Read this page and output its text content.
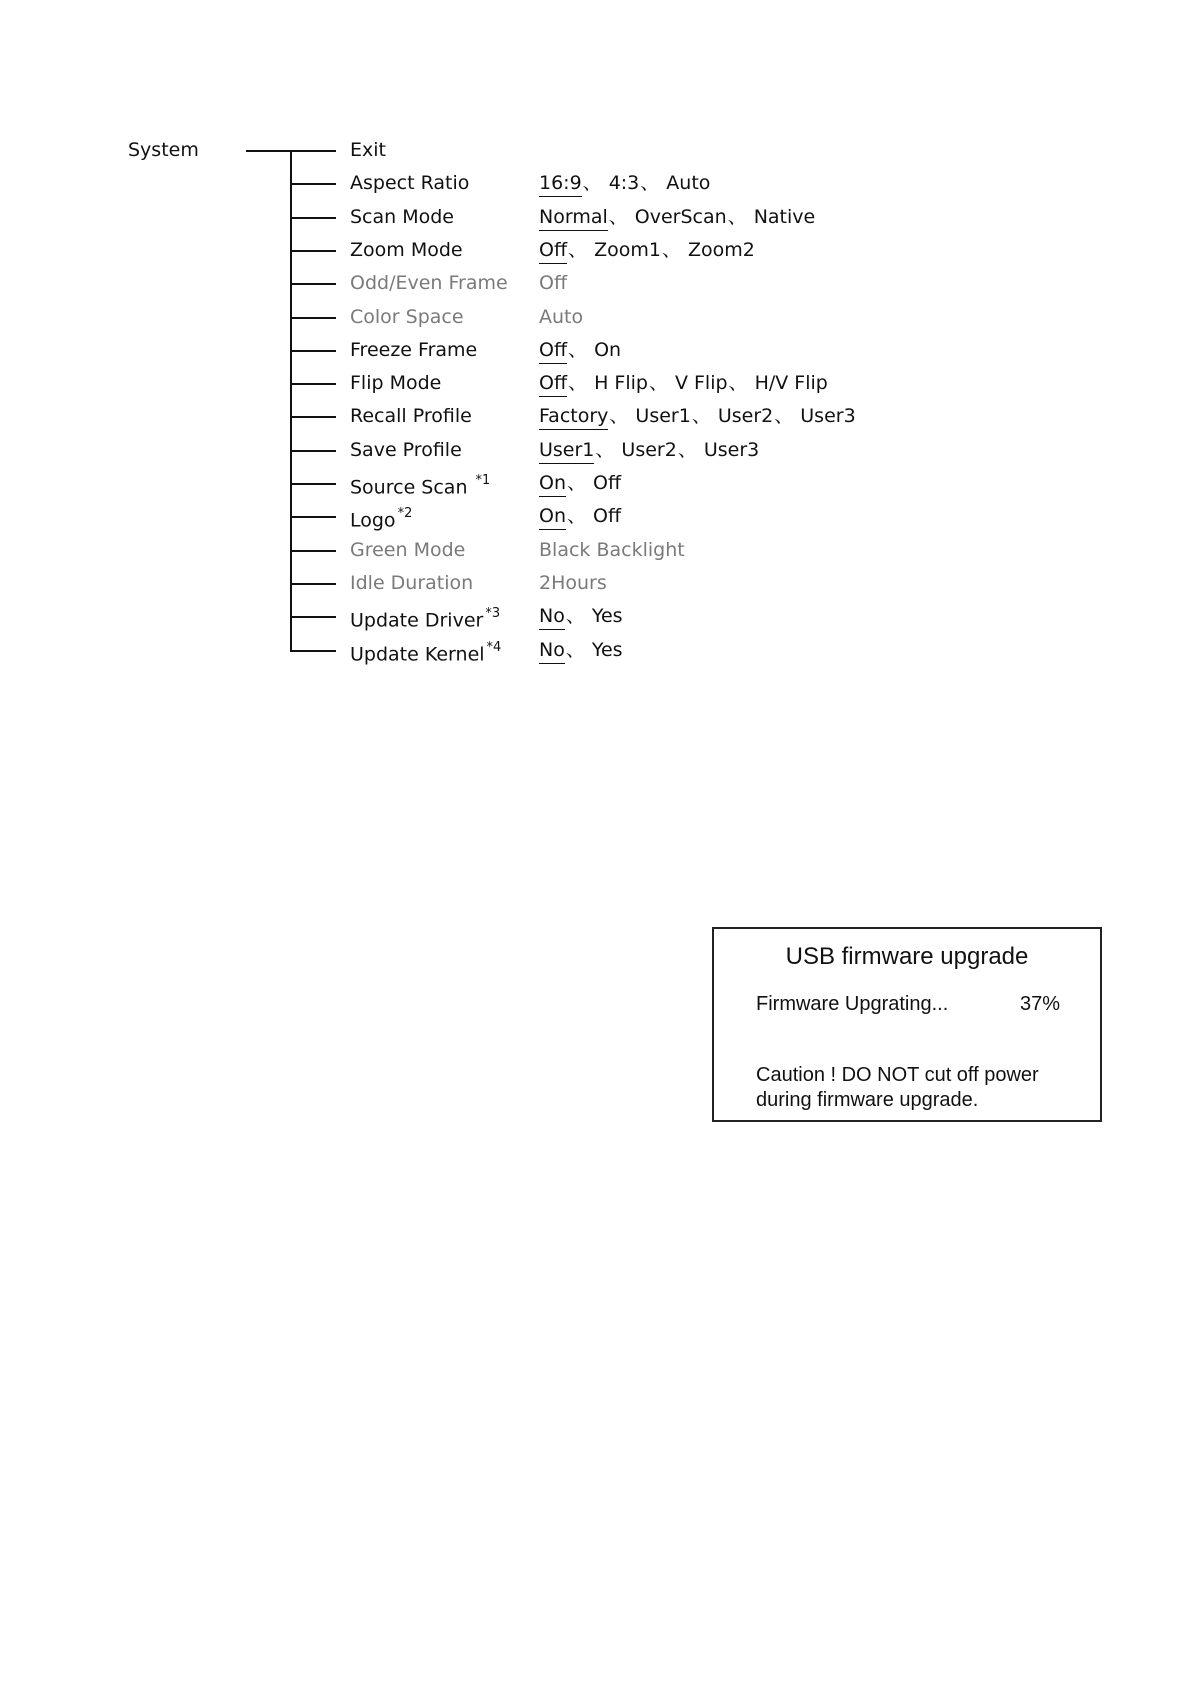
System	Exit
Aspect Ratio	16:9、 4:3、 Auto
Scan Mode	Normal、 OverScan、 Native
Zoom Mode	Off、 Zoom1、 Zoom2
Odd/Even Frame Off
Color Space	Auto
Freeze Frame	Off、 On
Flip Mode	Off、 H Flip、 V Flip、 H/V Flip
Recall Profile	Factory、 User1、 User2、 User3
Save Profile	User1、 User2、 User3
Source Scan $^{*1}$	On、 Off
Logo $^{*2}$	On、 Off
Green Mode	Black Backlight
Idle Duration	2Hours
Update Driver $^{*3}$ No、 Yes
Update Kernel $^{*4}$ No、 Yes
USB firmware upgrade
Firmware Upgrating...	37%
Caution ! DO NOT cut off power
during firmware upgrade.
